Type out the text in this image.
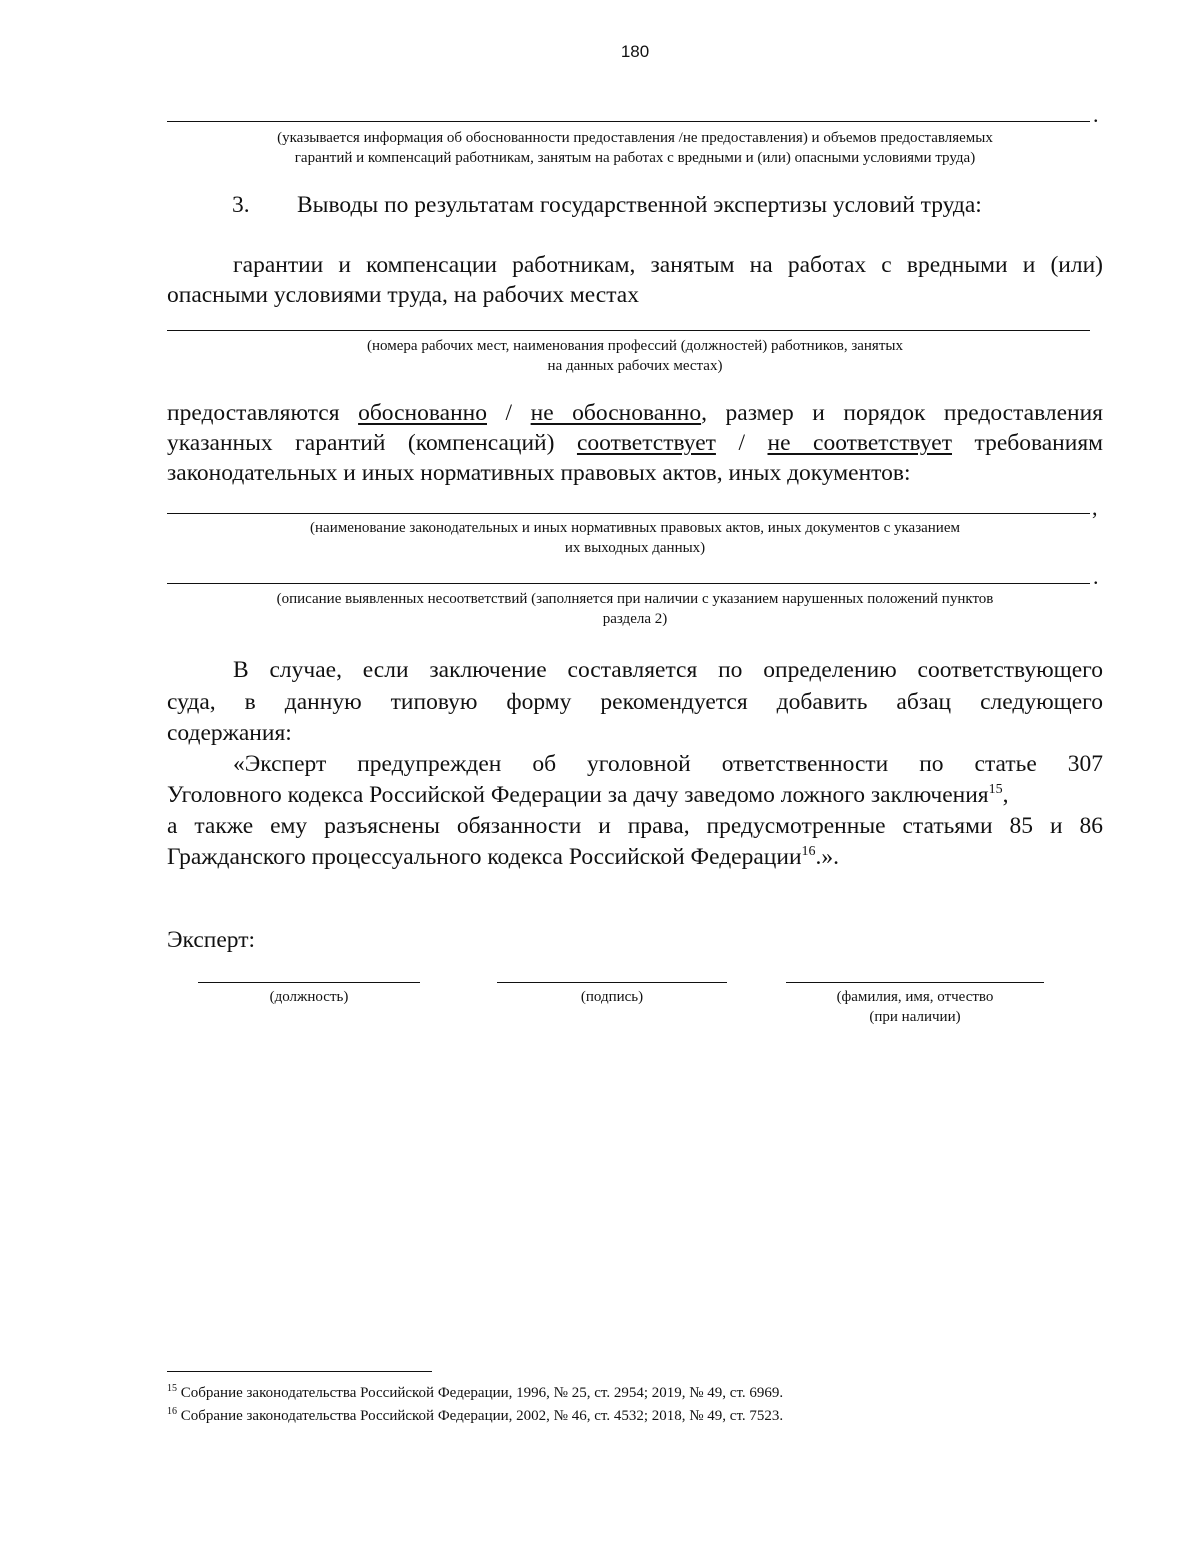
180
.
(указывается информация об обоснованности предоставления /не предоставления) и объемов предоставляемых
гарантий и компенсаций работникам, занятым на работах с вредными и (или) опасными условиями труда)
3. Выводы по результатам государственной экспертизы условий труда:
гарантии и компенсации работникам, занятым на работах с вредными и (или)
опасными условиями труда, на рабочих местах
(номера рабочих мест, наименования профессий (должностей) работников, занятых
на данных рабочих местах)
предоставляются обоснованно / не обоснованно, размер и порядок предоставления
указанных гарантий (компенсаций) соответствует / не соответствует требованиям
законодательных и иных нормативных правовых актов, иных документов:
,
(наименование законодательных и иных нормативных правовых актов, иных документов с указанием
их выходных данных)
.
(описание выявленных несоответствий (заполняется при наличии с указанием нарушенных положений пунктов
раздела 2)
В случае, если заключение составляется по определению соответствующего
суда, в данную типовую форму рекомендуется добавить абзац следующего
содержания:
«Эксперт предупрежден об уголовной ответственности по статье 307
Уголовного кодекса Российской Федерации за дачу заведомо ложного заключения$^{15}$,
а также ему разъяснены обязанности и права, предусмотренные статьями 85 и 86
Гражданского процессуального кодекса Российской Федерации$^{16}$.».
Эксперт:
(должность)	(подпись)	(фамилия, имя, отчество
(при наличии)
$^{15}$ Собрание законодательства Российской Федерации, 1996, № 25, ст. 2954; 2019, № 49, ст. 6969.
$^{16}$ Собрание законодательства Российской Федерации, 2002, № 46, ст. 4532; 2018, № 49, ст. 7523.
